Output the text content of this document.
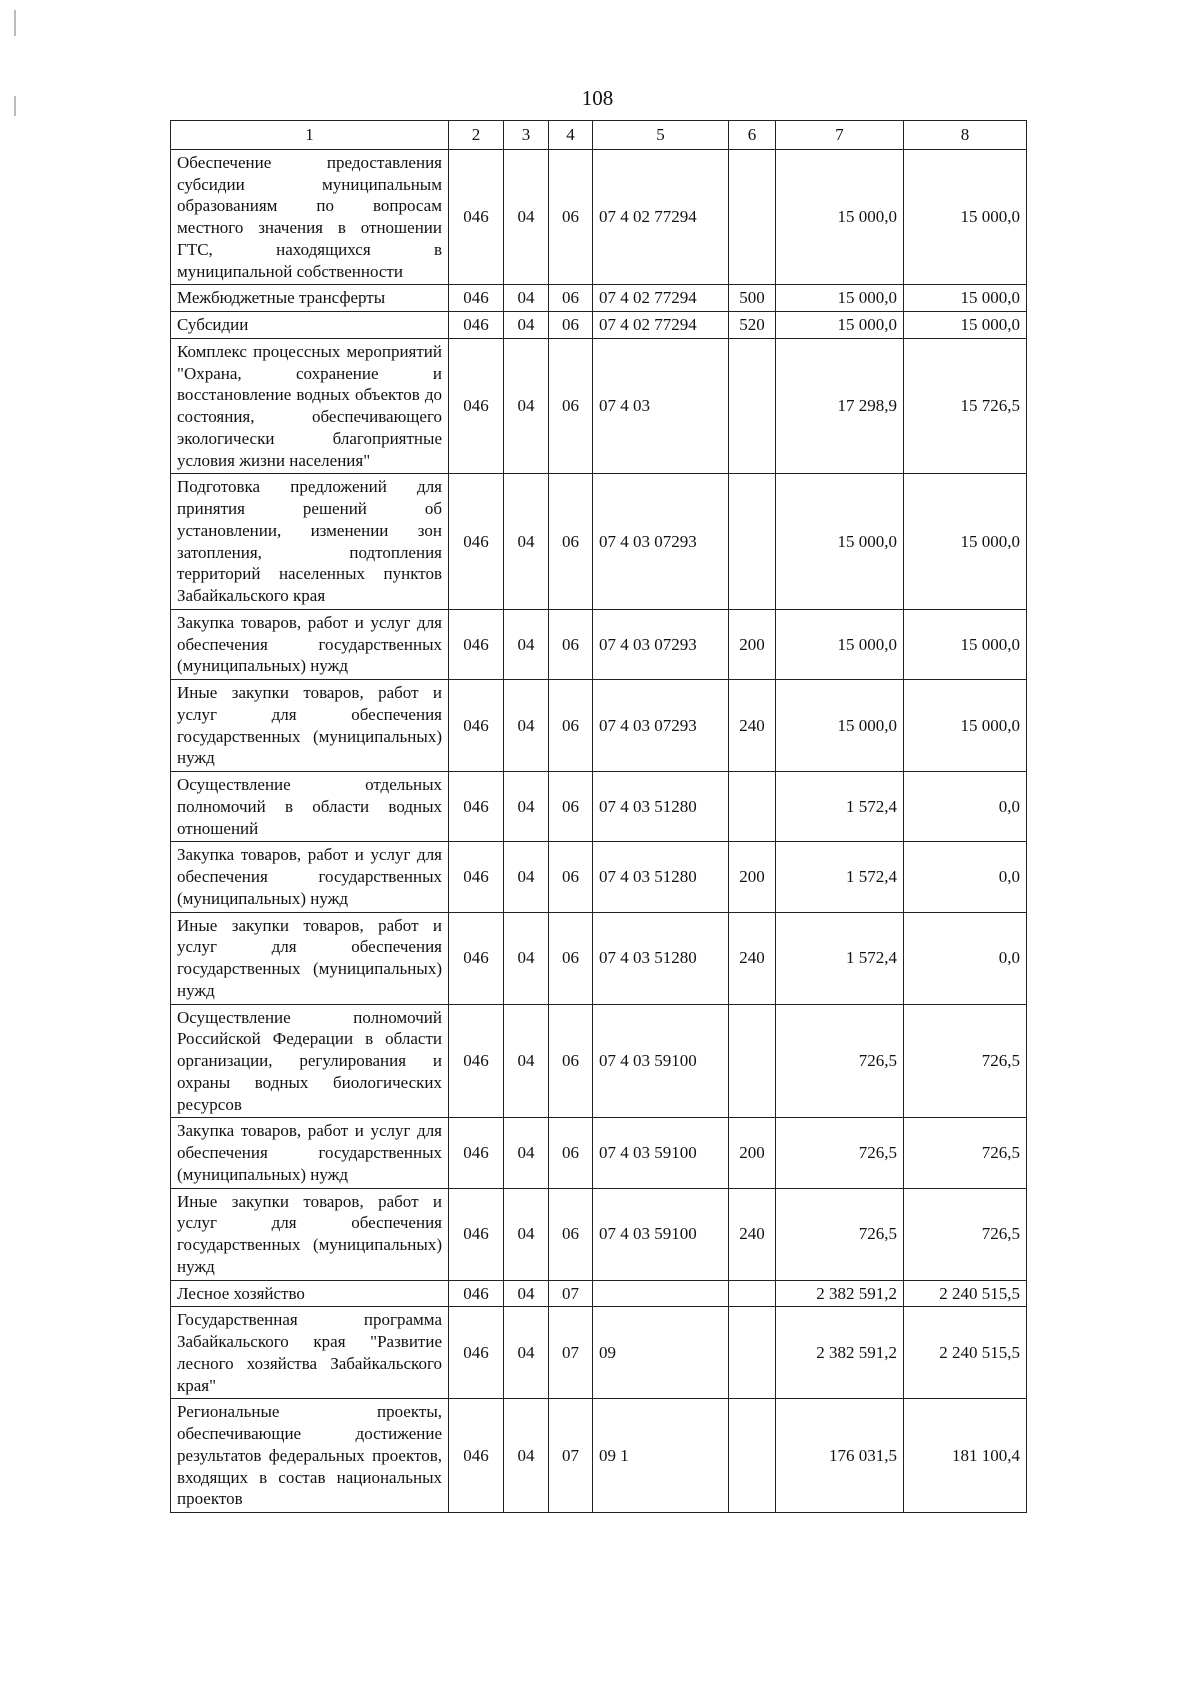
108
1	2	3	4	5	6	7	8
Обеспечение предоставления субсидии муниципальным образованиям по вопросам местного значения в отношении ГТС, находящихся в муниципальной собственности	046	04	06	07 4 02 77294		15 000,0	15 000,0
Межбюджетные трансферты	046	04	06	07 4 02 77294	500	15 000,0	15 000,0
Субсидии	046	04	06	07 4 02 77294	520	15 000,0	15 000,0
Комплекс процессных мероприятий "Охрана, сохранение и восстановление водных объектов до состояния, обеспечивающего экологически благоприятные условия жизни населения"	046	04	06	07 4 03		17 298,9	15 726,5
Подготовка предложений для принятия решений об установлении, изменении зон затопления, подтопления территорий населенных пунктов Забайкальского края	046	04	06	07 4 03 07293		15 000,0	15 000,0
Закупка товаров, работ и услуг для обеспечения государственных (муниципальных) нужд	046	04	06	07 4 03 07293	200	15 000,0	15 000,0
Иные закупки товаров, работ и услуг для обеспечения государственных (муниципальных) нужд	046	04	06	07 4 03 07293	240	15 000,0	15 000,0
Осуществление отдельных полномочий в области водных отношений	046	04	06	07 4 03 51280		1 572,4	0,0
Закупка товаров, работ и услуг для обеспечения государственных (муниципальных) нужд	046	04	06	07 4 03 51280	200	1 572,4	0,0
Иные закупки товаров, работ и услуг для обеспечения государственных (муниципальных) нужд	046	04	06	07 4 03 51280	240	1 572,4	0,0
Осуществление полномочий Российской Федерации в области организации, регулирования и охраны водных биологических ресурсов	046	04	06	07 4 03 59100		726,5	726,5
Закупка товаров, работ и услуг для обеспечения государственных (муниципальных) нужд	046	04	06	07 4 03 59100	200	726,5	726,5
Иные закупки товаров, работ и услуг для обеспечения государственных (муниципальных) нужд	046	04	06	07 4 03 59100	240	726,5	726,5
Лесное хозяйство	046	04	07			2 382 591,2	2 240 515,5
Государственная программа Забайкальского края "Развитие лесного хозяйства Забайкальского края"	046	04	07	09		2 382 591,2	2 240 515,5
Региональные проекты, обеспечивающие достижение результатов федеральных проектов, входящих в состав национальных проектов	046	04	07	09 1		176 031,5	181 100,4
